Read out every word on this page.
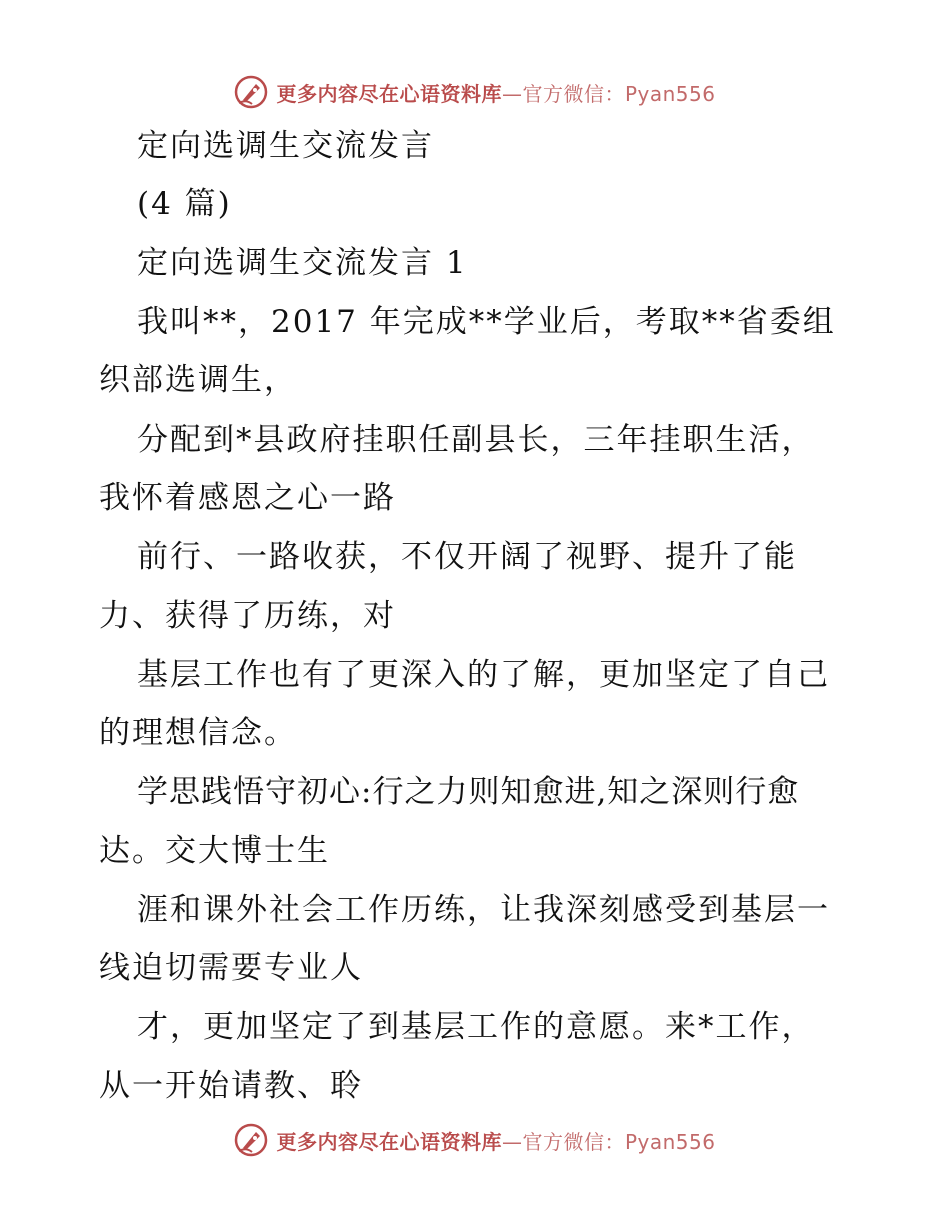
更多内容尽在心语资料库—官方微信：Pyan556
定向选调生交流发言
(4 篇)
定向选调生交流发言 1
我叫**，2017 年完成**学业后，考取**省委组
织部选调生，
分配到*县政府挂职任副县长，三年挂职生活，
我怀着感恩之心一路
前行、一路收获，不仅开阔了视野、提升了能
力、获得了历练，对
基层工作也有了更深入的了解，更加坚定了自己
的理想信念。
学思践悟守初心:行之力则知愈进,知之深则行愈
达。交大博士生
涯和课外社会工作历练，让我深刻感受到基层一
线迫切需要专业人
才，更加坚定了到基层工作的意愿。来*工作，
从一开始请教、聆
更多内容尽在心语资料库—官方微信：Pyan556
